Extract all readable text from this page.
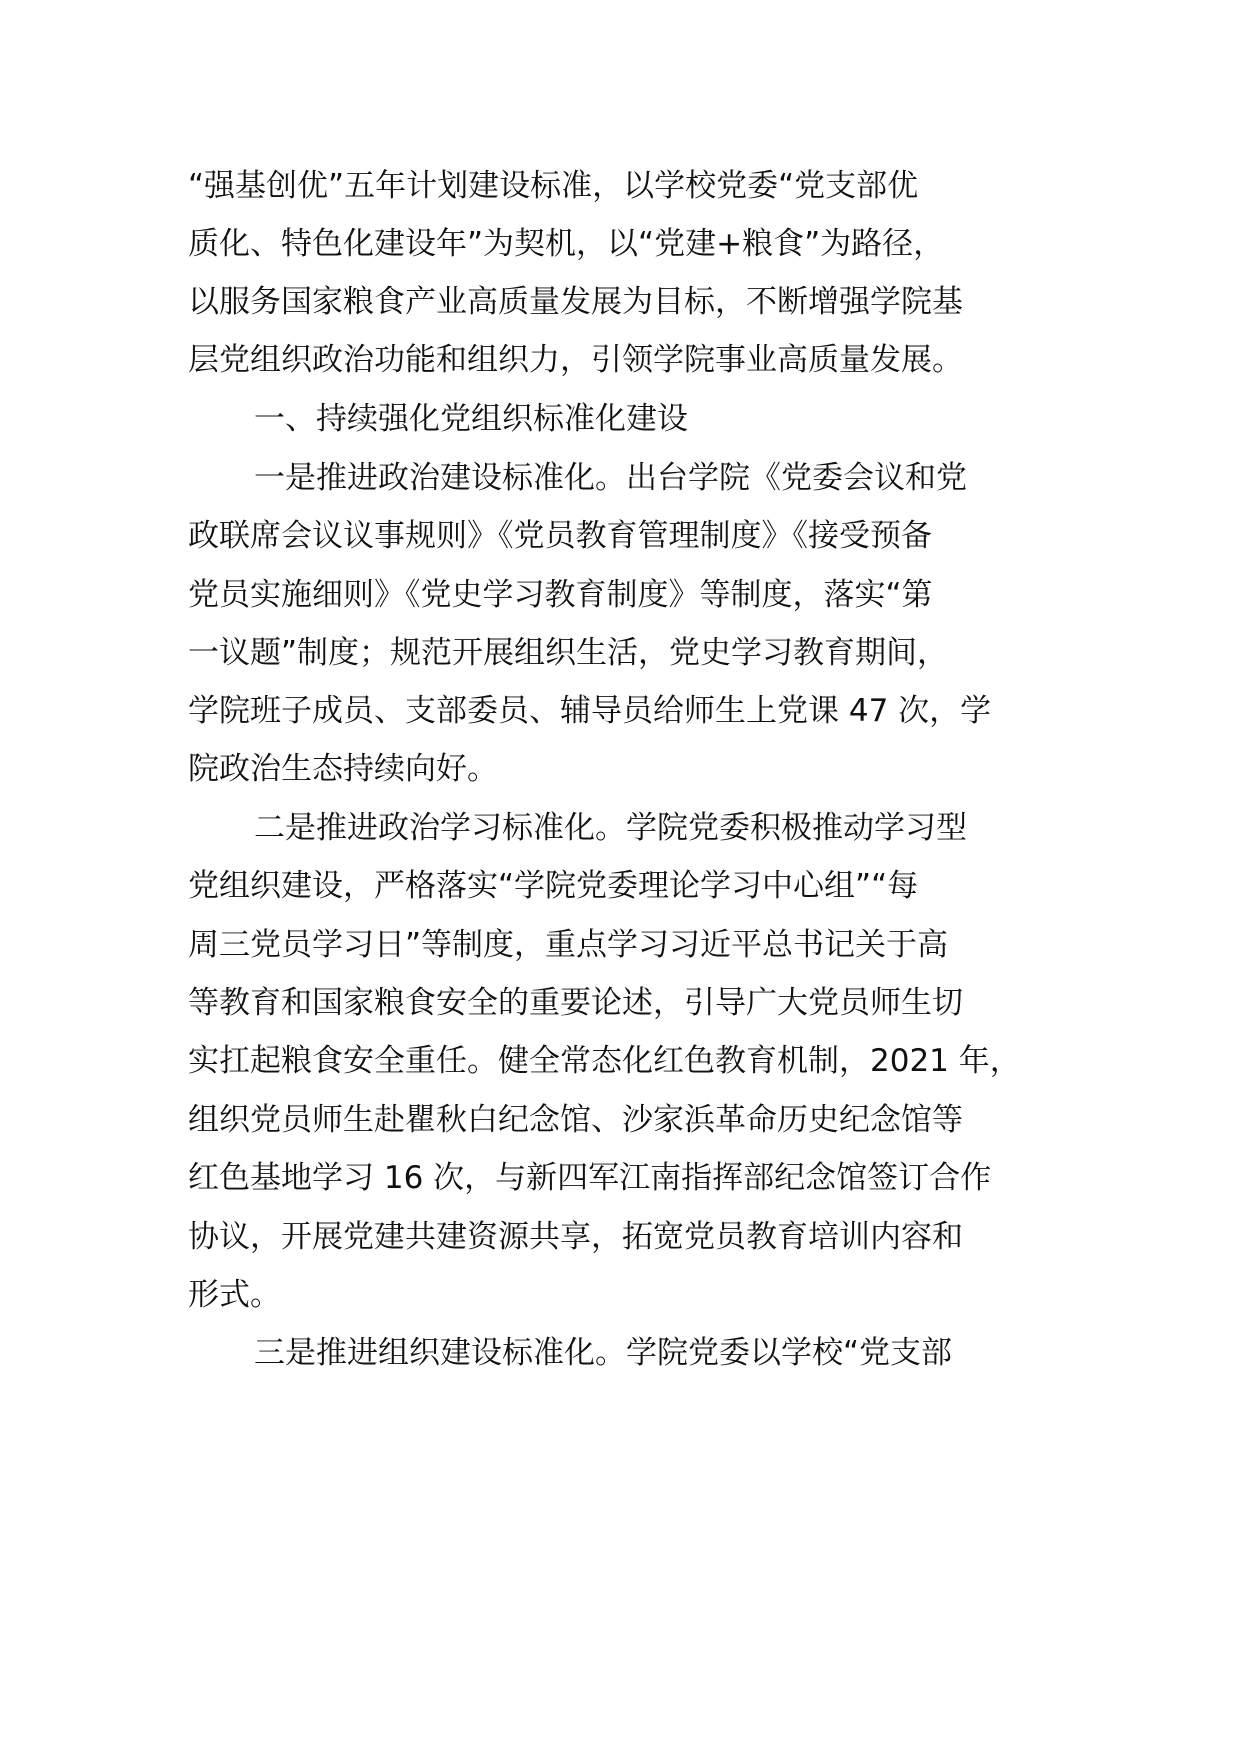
“强基创优”五年计划建设标准，以学校党委“党支部优
质化、特色化建设年”为契机，以“党建+粮食”为路径，
以服务国家粮食产业高质量发展为目标，不断增强学院基
层党组织政治功能和组织力，引领学院事业高质量发展。
一、持续强化党组织标准化建设
一是推进政治建设标准化。出台学院《党委会议和党
政联席会议议事规则》《党员教育管理制度》《接受预备
党员实施细则》《党史学习教育制度》等制度，落实“第
一议题”制度；规范开展组织生活，党史学习教育期间，
学院班子成员、支部委员、辅导员给师生上党课 47 次，学
院政治生态持续向好。
二是推进政治学习标准化。学院党委积极推动学习型
党组织建设，严格落实“学院党委理论学习中心组”“每
周三党员学习日”等制度，重点学习习近平总书记关于高
等教育和国家粮食安全的重要论述，引导广大党员师生切
实扛起粮食安全重任。健全常态化红色教育机制，2021 年，
组织党员师生赴瞿秋白纪念馆、沙家浜革命历史纪念馆等
红色基地学习 16 次，与新四军江南指挥部纪念馆签订合作
协议，开展党建共建资源共享，拓宽党员教育培训内容和
形式。
三是推进组织建设标准化。学院党委以学校“党支部
